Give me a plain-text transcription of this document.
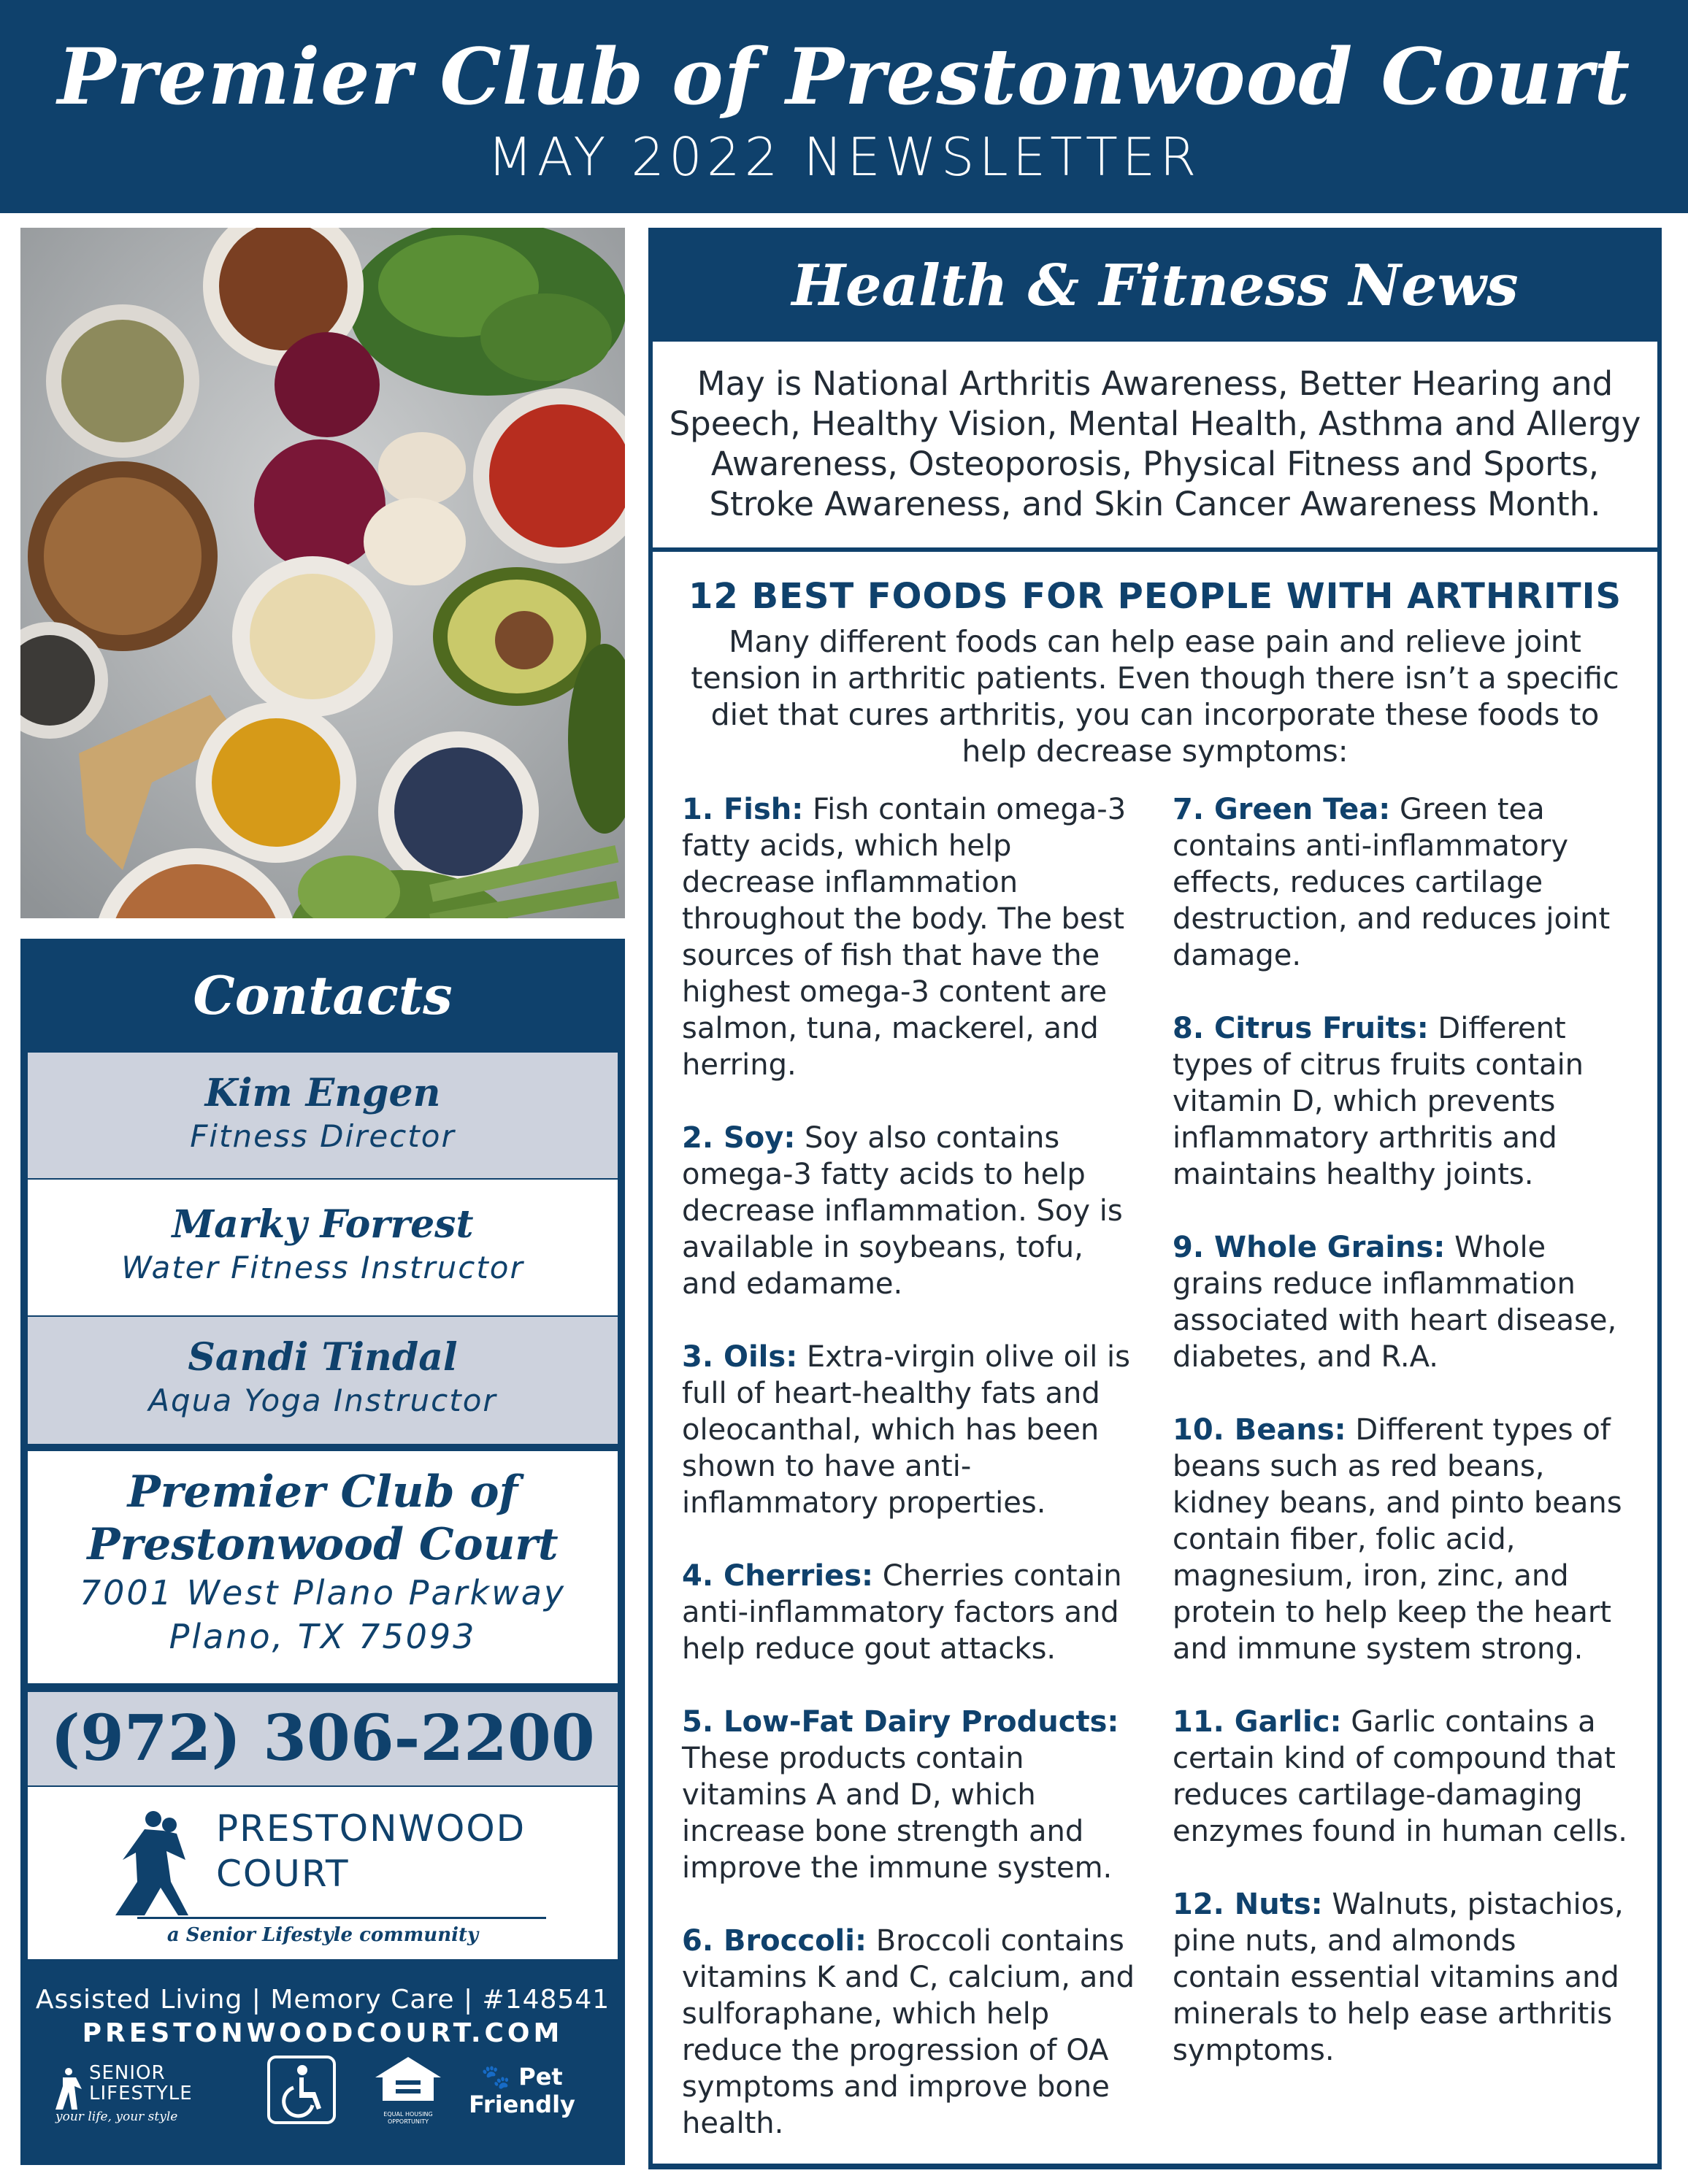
Premier Club of Prestonwood Court
MAY 2022 NEWSLETTER
Contacts
Kim Engen
Fitness Director
Marky Forrest
Water Fitness Instructor
Sandi Tindal
Aqua Yoga Instructor
Premier Club of
Prestonwood Court
7001 West Plano Parkway
Plano, TX 75093
(972) 306-2200
PRESTONWOOD
COURT
a Senior Lifestyle community
Assisted Living | Memory Care | #148541
PRESTONWOODCOURT.COM
SENIOR
LIFESTYLE
your life, your style	EQUAL HOUSING OPPORTUNITY
🐾 Pet
Friendly
Health & Fitness News

May is National Arthritis Awareness, Better Hearing and Speech, Healthy Vision, Mental Health, Asthma and Allergy Awareness, Osteoporosis, Physical Fitness and Sports, Stroke Awareness, and Skin Cancer Awareness Month.

12 BEST FOODS FOR PEOPLE WITH ARTHRITIS
Many different foods can help ease pain and relieve joint tension in arthritic patients. Even though there isn’t a specific diet that cures arthritis, you can incorporate these foods to help decrease symptoms:
1. Fish: Fish contain omega-3 fatty acids, which help decrease inflammation throughout the body. The best sources of fish that have the highest omega-3 content are salmon, tuna, mackerel, and herring.
2. Soy: Soy also contains omega-3 fatty acids to help decrease inflammation. Soy is available in soybeans, tofu, and edamame.
3. Oils: Extra-virgin olive oil is full of heart-healthy fats and oleocanthal, which has been shown to have anti-inflammatory properties.
4. Cherries: Cherries contain anti-inflammatory factors and help reduce gout attacks.
5. Low-Fat Dairy Products: These products contain vitamins A and D, which increase bone strength and improve the immune system.
6. Broccoli: Broccoli contains vitamins K and C, calcium, and sulforaphane, which help reduce the progression of OA symptoms and improve bone health.
7. Green Tea: Green tea contains anti-inflammatory effects, reduces cartilage destruction, and reduces joint damage.
8. Citrus Fruits: Different types of citrus fruits contain vitamin D, which prevents inflammatory arthritis and maintains healthy joints.
9. Whole Grains: Whole grains reduce inflammation associated with heart disease, diabetes, and R.A.
10. Beans: Different types of beans such as red beans, kidney beans, and pinto beans contain fiber, folic acid, magnesium, iron, zinc, and protein to help keep the heart and immune system strong.
11. Garlic: Garlic contains a certain kind of compound that reduces cartilage-damaging enzymes found in human cells.
12. Nuts: Walnuts, pistachios, pine nuts, and almonds contain essential vitamins and minerals to help ease arthritis symptoms.
